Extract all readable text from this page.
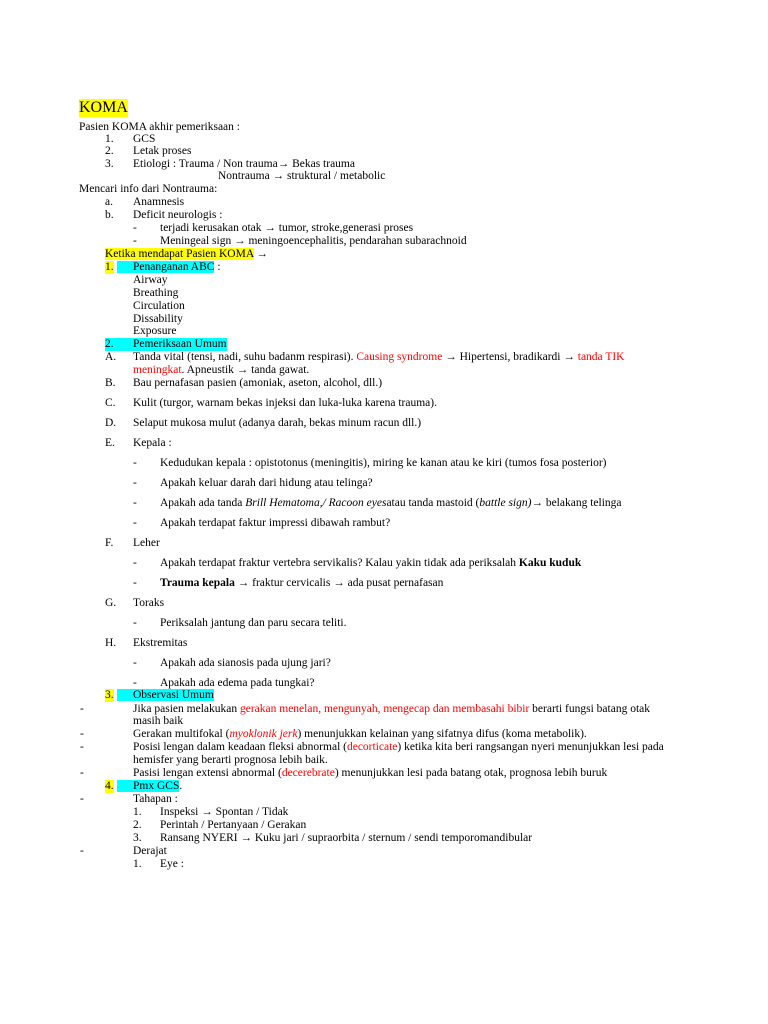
KOMA
Pasien KOMA akhir pemeriksaan :
1. GCS
2. Letak proses
3. Etiologi : Trauma / Non trauma→ Bekas trauma
Nontrauma → struktural / metabolic
Mencari info dari Nontrauma:
a. Anamnesis
b. Deficit neurologis :
- terjadi kerusakan otak → tumor, stroke,generasi proses
- Meningeal sign → meningoencephalitis, pendarahan subarachnoid
Ketika mendapat Pasien KOMA →
1.	Penanganan ABC :
Airway
Breathing
Circulation
Dissability
Exposure
2.	Pemeriksaan Umum
A. Tanda vital (tensi, nadi, suhu badanm respirasi). Causing syndrome → Hipertensi, bradikardi → tanda TIK
meningkat. Apneustik → tanda gawat.
B. Bau pernafasan pasien (amoniak, aseton, alcohol, dll.)
C. Kulit (turgor, warnam bekas injeksi dan luka-luka karena trauma).
D. Selaput mukosa mulut (adanya darah, bekas minum racun dll.)
E. Kepala :
- Kedudukan kepala : opistotonus (meningitis), miring ke kanan atau ke kiri (tumos fosa posterior)
- Apakah keluar darah dari hidung atau telinga?
- Apakah ada tanda Brill Hematoma,/ Racoon eyesatau tanda mastoid (battle sign)→ belakang telinga
- Apakah terdapat faktur impressi dibawah rambut?
F. Leher
- Apakah terdapat fraktur vertebra servikalis? Kalau yakin tidak ada periksalah Kaku kuduk
- Trauma kepala → fraktur cervicalis → ada pusat pernafasan
G. Toraks
- Periksalah jantung dan paru secara teliti.
H. Ekstremitas
- Apakah ada sianosis pada ujung jari?
- Apakah ada edema pada tungkai?
3.	Observasi Umum
-	Jika pasien melakukan gerakan menelan, mengunyah, mengecap dan membasahi bibir berarti fungsi batang otak
masih baik
-	Gerakan multifokal (myoklonik jerk) menunjukkan kelainan yang sifatnya difus (koma metabolik).
-	Posisi lengan dalam keadaan fleksi abnormal (decorticate) ketika kita beri rangsangan nyeri menunjukkan lesi pada
hemisfer yang berarti prognosa lebih baik.
-	Pasisi lengan extensi abnormal (decerebrate) menunjukkan lesi pada batang otak, prognosa lebih buruk
4.	Pmx GCS.
-	Tahapan :
1. Inspeksi → Spontan / Tidak
2. Perintah / Pertanyaan / Gerakan
3. Ransang NYERI → Kuku jari / supraorbita / sternum / sendi temporomandibular
-	Derajat
1. Eye :
